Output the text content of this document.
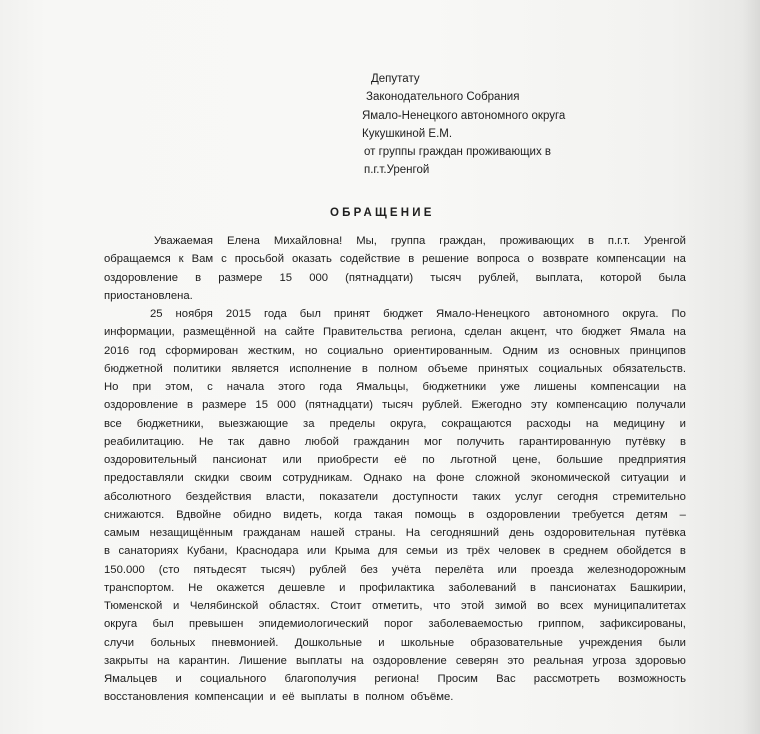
Депутату
Законодательного Собрания
Ямало-Ненецкого автономного округа
Кукушкиной Е.М.
от группы граждан проживающих в
п.г.т.Уренгой
ОБРАЩЕНИЕ
Уважаемая Елена Михайловна! Мы, группа граждан, проживающих в п.г.т. Уренгой
обращаемся к Вам с просьбой оказать содействие в решение вопроса о возврате компенсации на
оздоровление в размере 15 000 (пятнадцати) тысяч рублей, выплата, которой была
приостановлена.
25 ноября 2015 года был принят бюджет Ямало-Ненецкого автономного округа. По
информации, размещённой на сайте Правительства региона, сделан акцент, что бюджет Ямала на
2016 год сформирован жестким, но социально ориентированным. Одним из основных принципов
бюджетной политики является исполнение в полном объеме принятых социальных обязательств.
Но при этом, с начала этого года Ямальцы, бюджетники уже лишены компенсации на
оздоровление в размере 15 000 (пятнадцати) тысяч рублей. Ежегодно эту компенсацию получали
все бюджетники, выезжающие за пределы округа, сокращаются расходы на медицину и
реабилитацию. Не так давно любой гражданин мог получить гарантированную путёвку в
оздоровительный пансионат или приобрести её по льготной цене, большие предприятия
предоставляли скидки своим сотрудникам. Однако на фоне сложной экономической ситуации и
абсолютного бездействия власти, показатели доступности таких услуг сегодня стремительно
снижаются. Вдвойне обидно видеть, когда такая помощь в оздоровлении требуется детям –
самым незащищённым гражданам нашей страны. На сегодняшний день оздоровительная путёвка
в санаториях Кубани, Краснодара или Крыма для семьи из трёх человек в среднем обойдется в
150.000 (сто пятьдесят тысяч) рублей без учёта перелёта или проезда железнодорожным
транспортом. Не окажется дешевле и профилактика заболеваний в пансионатах Башкирии,
Тюменской и Челябинской областях. Стоит отметить, что этой зимой во всех муниципалитетах
округа был превышен эпидемиологический порог заболеваемостью гриппом, зафиксированы,
случи больных пневмонией. Дошкольные и школьные образовательные учреждения были
закрыты на карантин. Лишение выплаты на оздоровление северян это реальная угроза здоровью
Ямальцев и социального благополучия региона! Просим Вас рассмотреть возможность
восстановления компенсации и её выплаты в полном объёме.
